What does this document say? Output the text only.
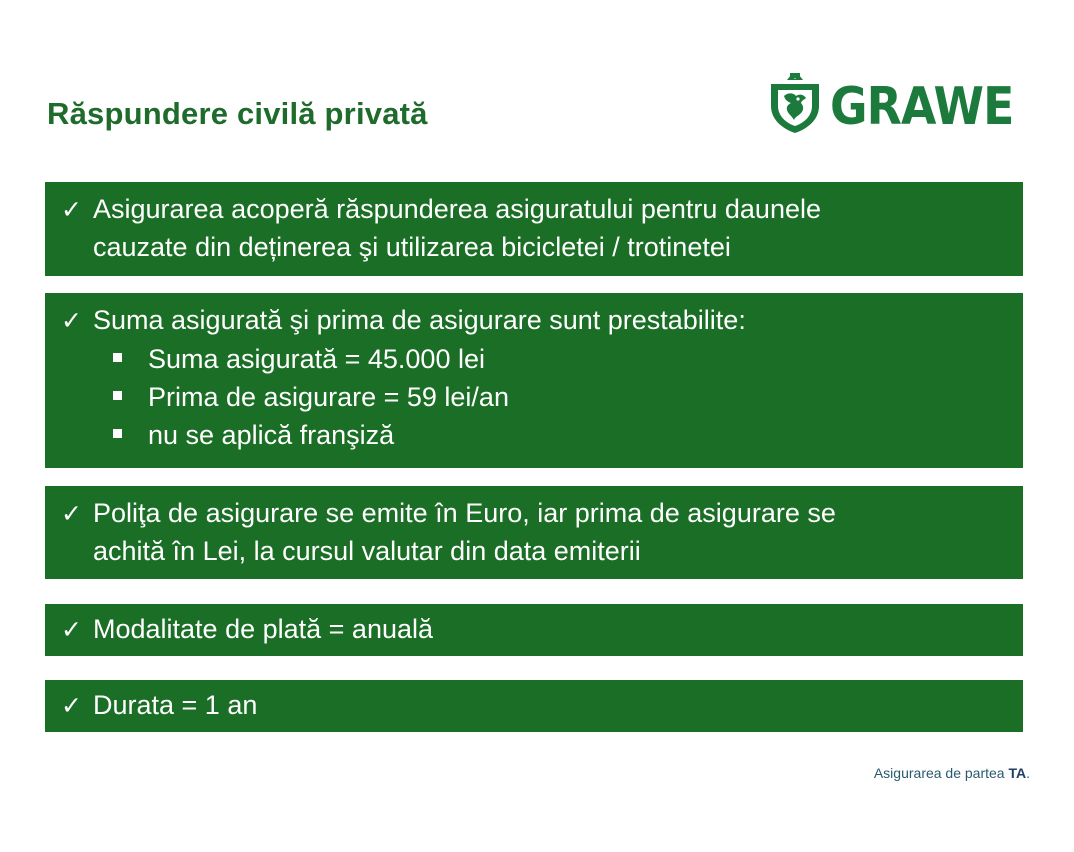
Răspundere civilă privată	GRAWE
✓ Asigurarea acoperă răspunderea asiguratului pentru daunele
cauzate din deținerea şi utilizarea bicicletei / trotinetei
✓ Suma asigurată şi prima de asigurare sunt prestabilite:
Suma asigurată = 45.000 lei
Prima de asigurare = 59 lei/an
nu se aplică franşiză
✓ Poliţa de asigurare se emite în Euro, iar prima de asigurare se
achită în Lei, la cursul valutar din data emiterii
✓ Modalitate de plată = anuală
✓ Durata = 1 an
Asigurarea de partea TA.
